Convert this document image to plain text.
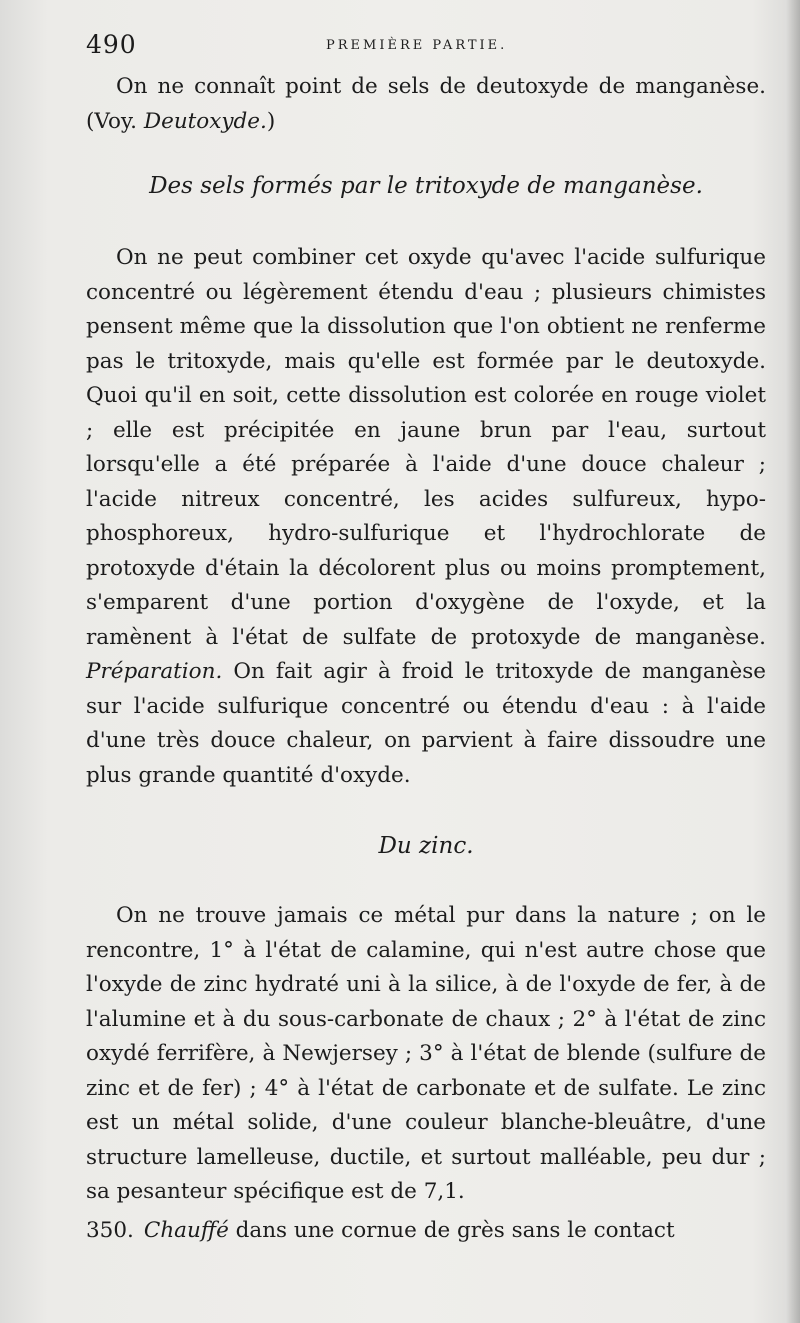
490	PREMIÈRE PARTIE.

On ne connaît point de sels de deutoxyde de manganèse. (Voy. Deutoxyde.)

Des sels formés par le tritoxyde de manganèse.

On ne peut combiner cet oxyde qu'avec l'acide sulfurique concentré ou légèrement étendu d'eau ; plusieurs chimistes pensent même que la dissolution que l'on obtient ne renferme pas le tritoxyde, mais qu'elle est formée par le deutoxyde. Quoi qu'il en soit, cette dissolution est colorée en rouge violet ; elle est précipitée en jaune brun par l'eau, surtout lorsqu'elle a été préparée à l'aide d'une douce chaleur ; l'acide nitreux concentré, les acides sulfureux, hypo-phosphoreux, hydro-sulfurique et l'hydrochlorate de protoxyde d'étain la décolorent plus ou moins promptement, s'emparent d'une portion d'oxygène de l'oxyde, et la ramènent à l'état de sulfate de protoxyde de manganèse. Préparation. On fait agir à froid le tritoxyde de manganèse sur l'acide sulfurique concentré ou étendu d'eau : à l'aide d'une très douce chaleur, on parvient à faire dissoudre une plus grande quantité d'oxyde.

Du zinc.

On ne trouve jamais ce métal pur dans la nature ; on le rencontre, 1° à l'état de calamine, qui n'est autre chose que l'oxyde de zinc hydraté uni à la silice, à de l'oxyde de fer, à de l'alumine et à du sous-carbonate de chaux ; 2° à l'état de zinc oxydé ferrifère, à Newjersey ; 3° à l'état de blende (sulfure de zinc et de fer) ; 4° à l'état de carbonate et de sulfate. Le zinc est un métal solide, d'une couleur blanche-bleuâtre, d'une structure lamelleuse, ductile, et surtout malléable, peu dur ; sa pesanteur spécifique est de 7,1.

350. Chauffé dans une cornue de grès sans le contact
